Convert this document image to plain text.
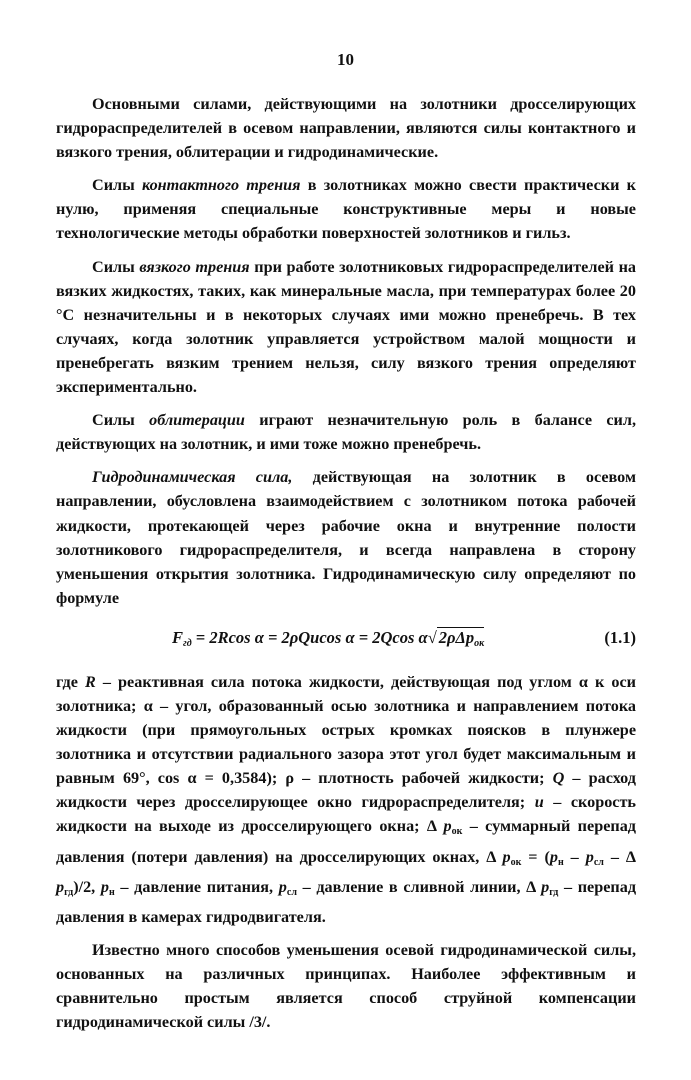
10

Основными силами, действующими на золотники дросселирующих гидрораспределителей в осевом направлении, являются силы контактного и вязкого трения, облитерации и гидродинамические.

Силы контактного трения в золотниках можно свести практически к нулю, применяя специальные конструктивные меры и новые технологические методы обработки поверхностей золотников и гильз.

Силы вязкого трения при работе золотниковых гидрораспределителей на вязких жидкостях, таких, как минеральные масла, при температурах более 20 °С незначительны и в некоторых случаях ими можно пренебречь. В тех случаях, когда золотник управляется устройством малой мощности и пренебрегать вязким трением нельзя, силу вязкого трения определяют экспериментально.

Силы облитерации играют незначительную роль в балансе сил, действующих на золотник, и ими тоже можно пренебречь.

Гидродинамическая сила, действующая на золотник в осевом направлении, обусловлена взаимодействием с золотником потока рабочей жидкости, протекающей через рабочие окна и внутренние полости золотникового гидрораспределителя, и всегда направлена в сторону уменьшения открытия золотника. Гидродинамическую силу определяют по формуле

$F_{гд} = 2Rcos$ α = 2ρQucos α = 2Qcos α√ 2ρΔp$_{ок}$	(1.1)

где R – реактивная сила потока жидкости, действующая под углом α к оси золотника; α – угол, образованный осью золотника и направлением потока жидкости (при прямоугольных острых кромках поясков в плунжере золотника и отсутствии радиального зазора этот угол будет максимальным и равным 69°, cos α = 0,3584); ρ – плотность рабочей жидкости; Q – расход жидкости через дросселирующее окно гидрораспределителя; u – скорость жидкости на выходе из дросселирующего окна; Δ $p_{ок}$ – суммарный перепад давления (потери давления) на дросселирующих окнах, Δ $p_{ок} = (p_н - p_{сл} - \Delta$ $p_{гд})/2$, $p_н$ – давление питания, $p_{сл}$ – давление в сливной линии, Δ $p_{гд}$ – перепад давления в камерах гидродвигателя.

Известно много способов уменьшения осевой гидродинамической силы, основанных на различных принципах. Наиболее эффективным и сравнительно простым является способ струйной компенсации гидродинамической силы /3/.
